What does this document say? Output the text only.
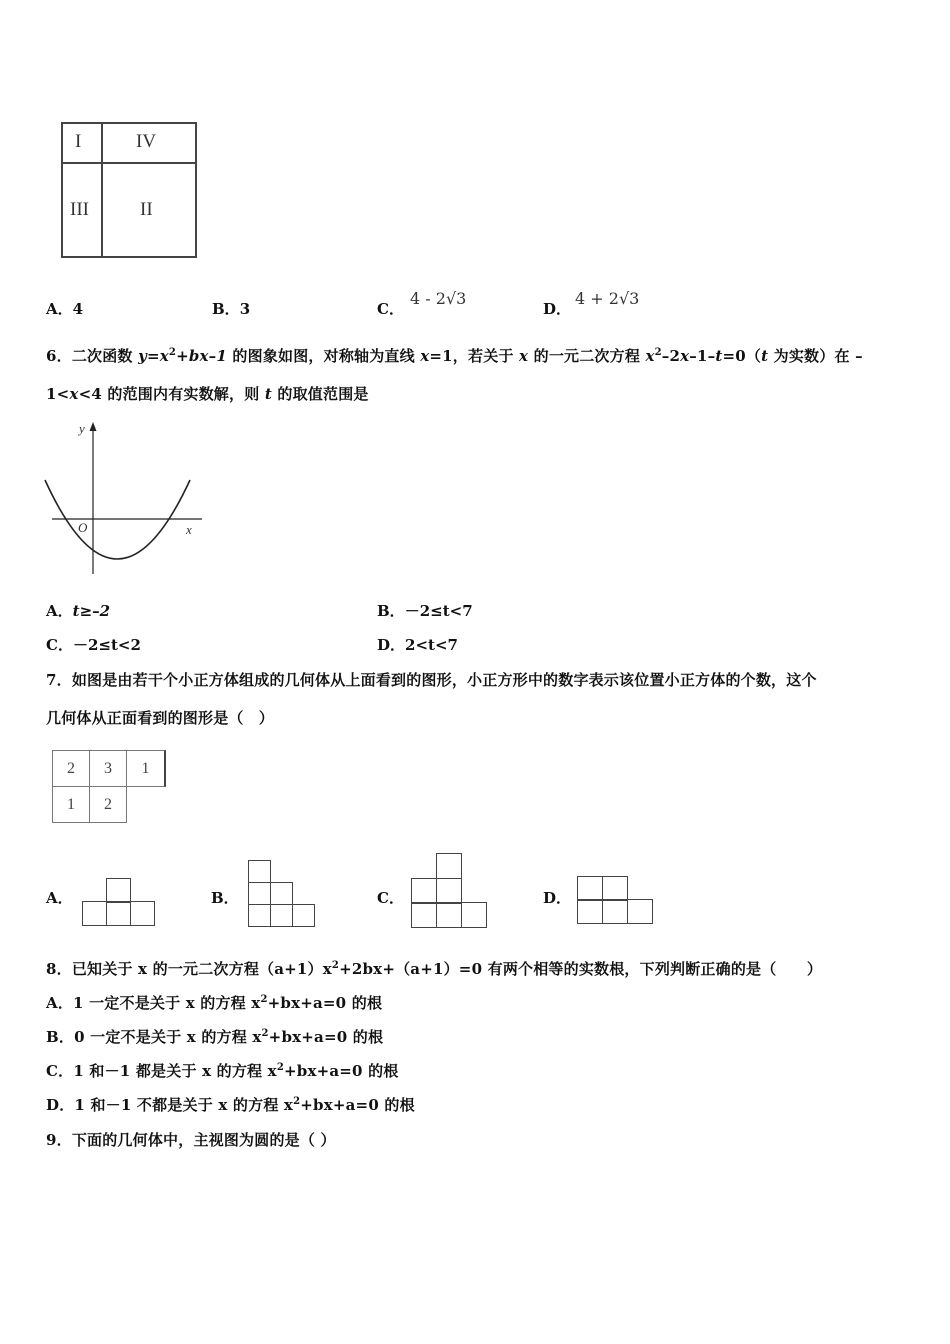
I	IV
III	II
A．4	B．3	C．
4 - 2√3
D．
4 + 2√3
6．二次函数 $y=x^2+bx-1$ 的图象如图，对称轴为直线 x=1，若关于 x 的一元二次方程 $x^2-2x-1-t=0(t$ 为实数）在 –
1<x<4 的范围内有实数解，则 t 的取值范围是
y
O	x
A．t≥–2	B．－2≤t<7
C．－2≤t<2	D．2<t<7
7．如图是由若干个小正方体组成的几何体从上面看到的图形，小正方形中的数字表示该位置小正方体的个数，这个
几何体从正面看到的图形是（　）
2	3	1
1	2
A．	B．	C．	D．
8．已知关于 x 的一元二次方程$(a+1)x^2+2bx+(a+1)=0$ 有两个相等的实数根，下列判断正确的是（　　）
A．1 一定不是关于 x 的方程 $x^2+bx+a=0$ 的根
B．0 一定不是关于 x 的方程 $x^2+bx+a=0$ 的根
C．1 和－1 都是关于 x 的方程 $x^2+bx+a=0$ 的根
D．1 和－1 不都是关于 x 的方程 $x^2+bx+a=0$ 的根
9．下面的几何体中，主视图为圆的是（ ）
